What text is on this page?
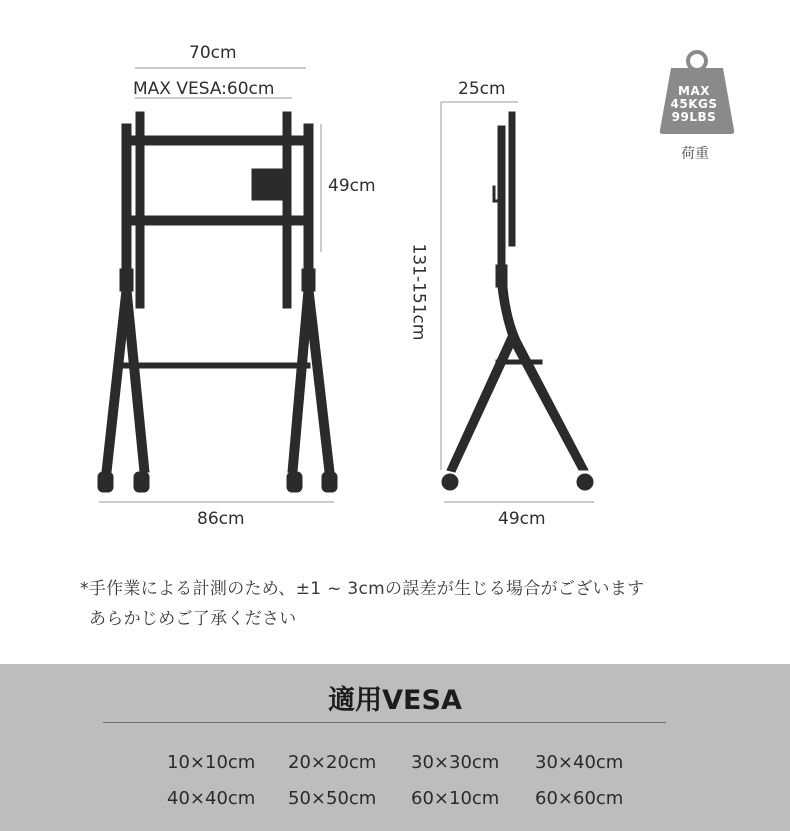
70cm
MAX VESA:60cm
49cm
86cm
25cm
131-151cm
49cm
MAX
45KGS
99LBS
荷重
*手作業による計測のため、±1 ~ 3cmの誤差が生じる場合がございます
あらかじめご了承ください
適用VESA
10×10cm 20×20cm 30×30cm 30×40cm
40×40cm 50×50cm 60×10cm 60×60cm
